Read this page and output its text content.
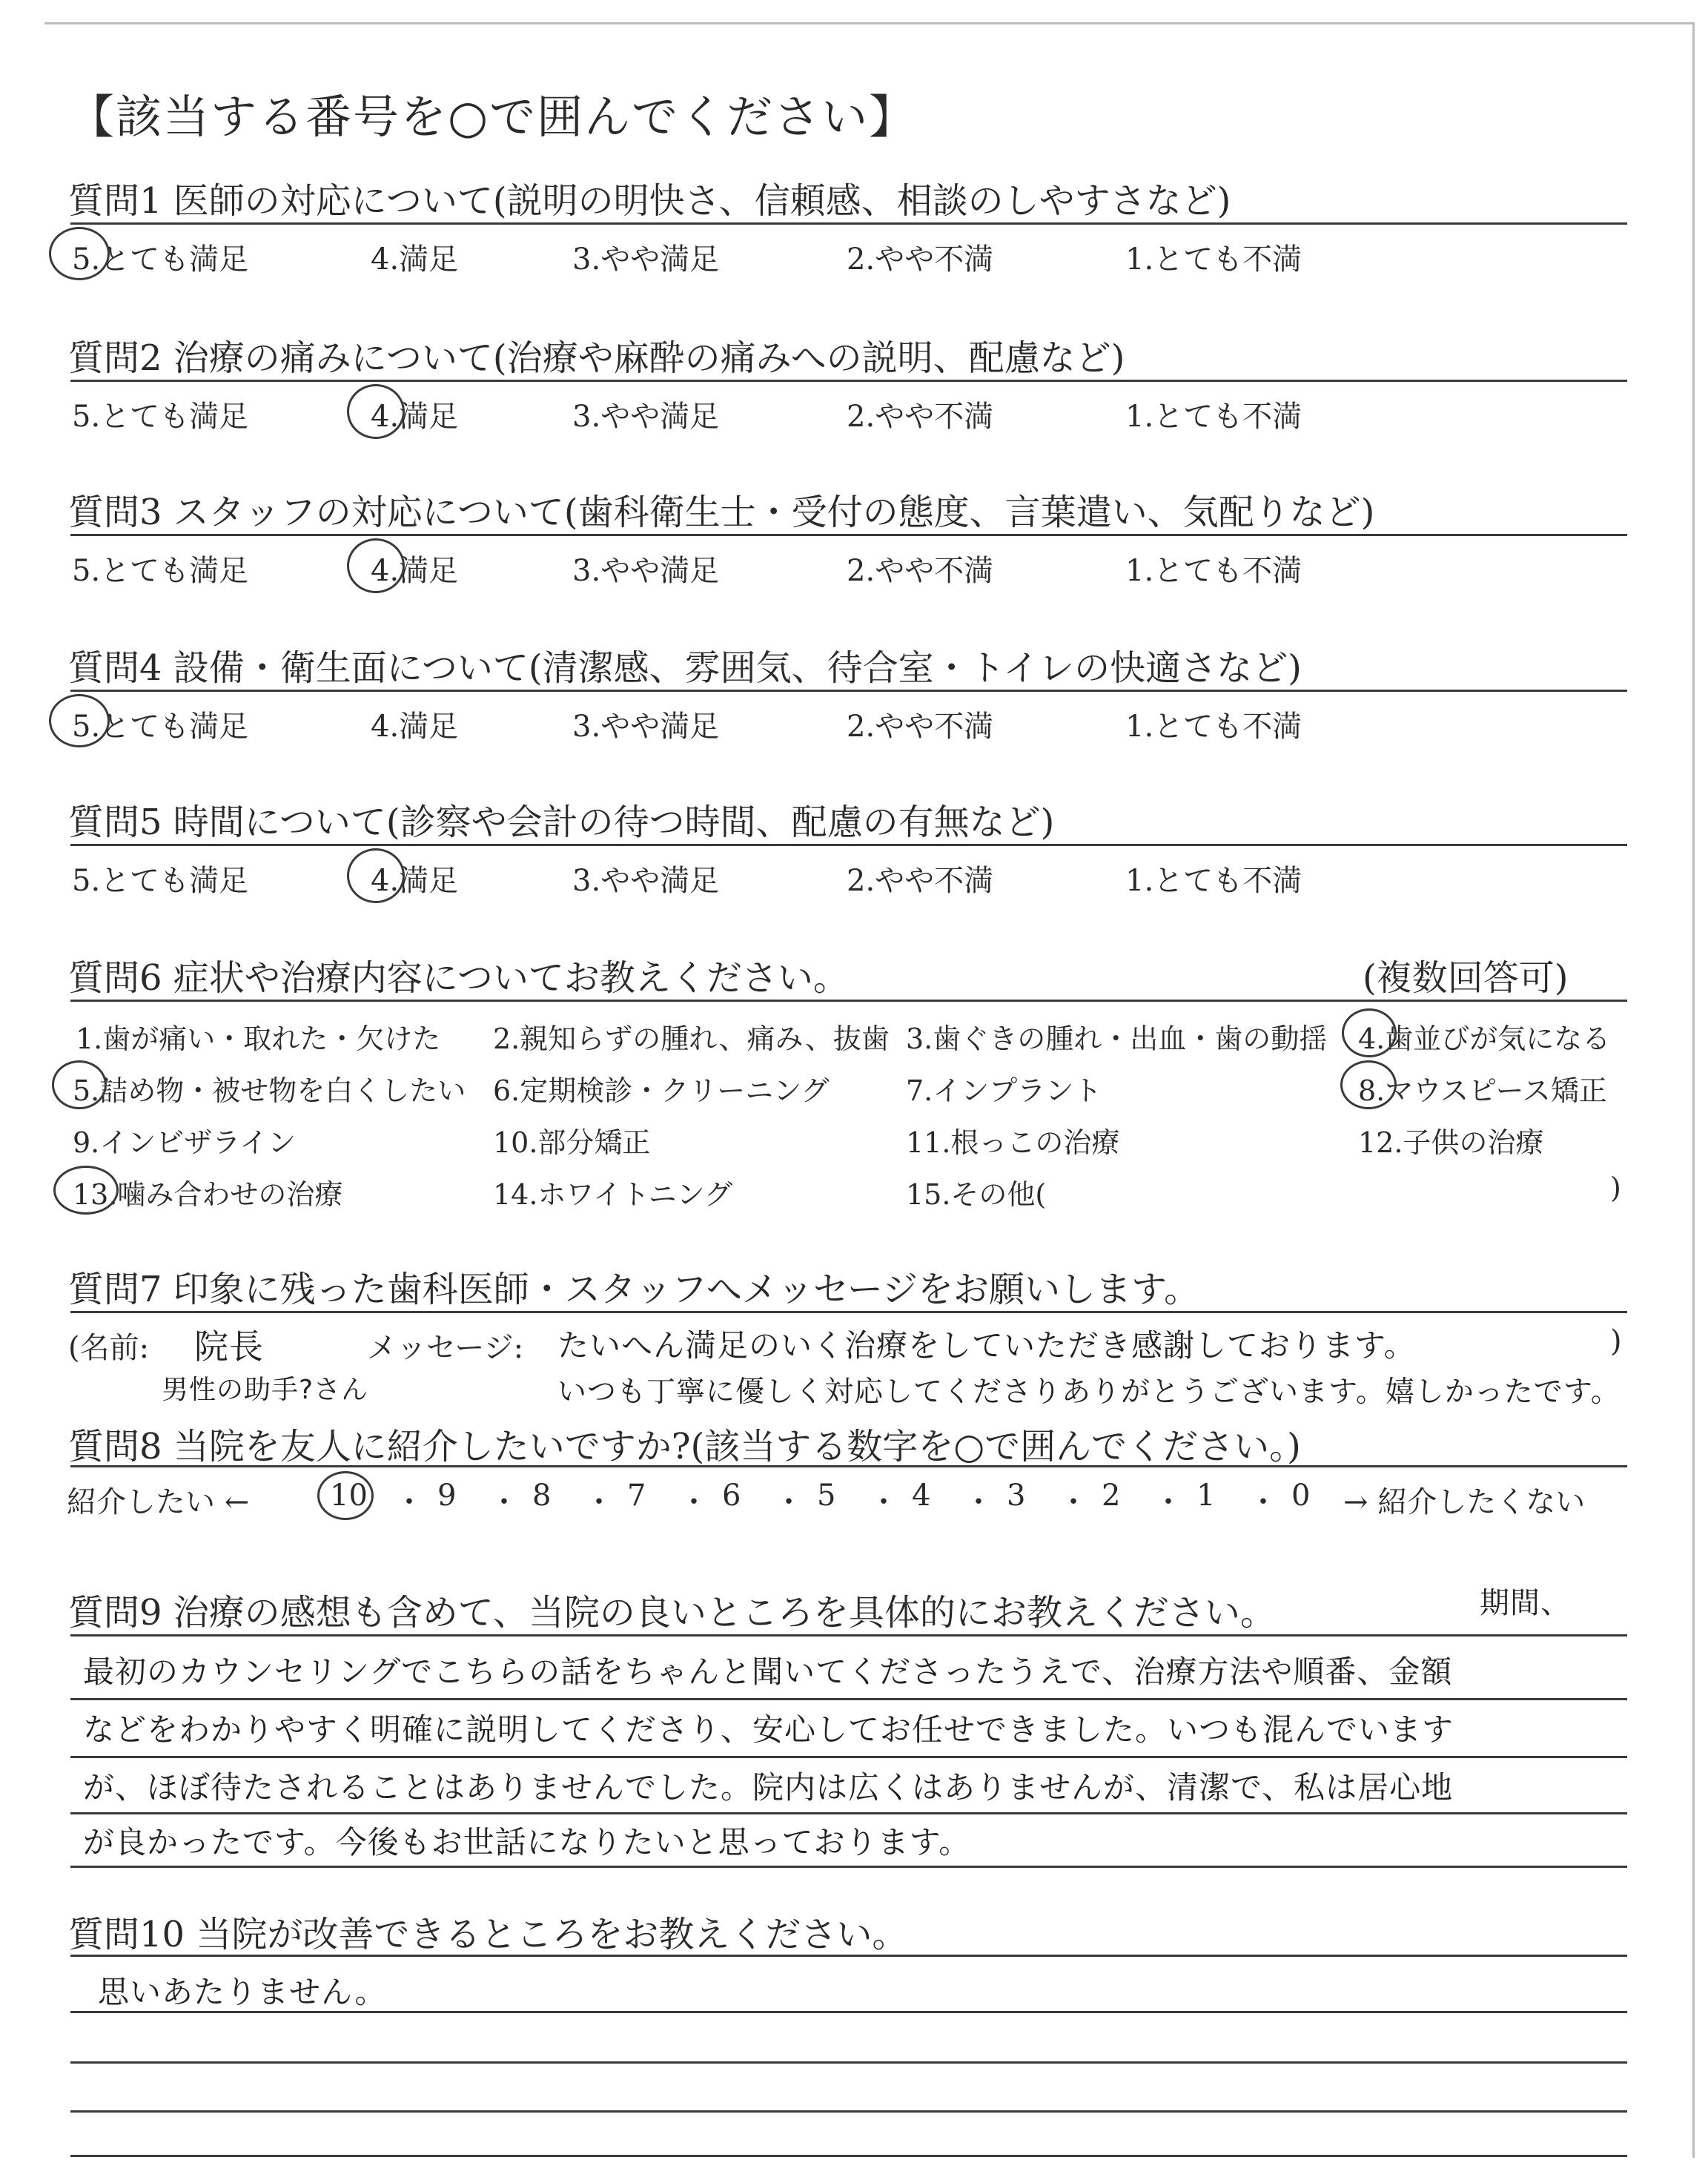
【該当する番号を○で囲んでください】
質問1 医師の対応について(説明の明快さ、信頼感、相談のしやすさなど)
5.とても満足	4.満足	3.やや満足	2.やや不満	1.とても不満
質問2 治療の痛みについて(治療や麻酔の痛みへの説明、配慮など)
5.とても満足	4.満足	3.やや満足	2.やや不満	1.とても不満
質問3 スタッフの対応について(歯科衛生士・受付の態度、言葉遣い、気配りなど)
5.とても満足	4.満足	3.やや満足	2.やや不満	1.とても不満
質問4 設備・衛生面について(清潔感、雰囲気、待合室・トイレの快適さなど)
5.とても満足	4.満足	3.やや満足	2.やや不満	1.とても不満
質問5 時間について(診察や会計の待つ時間、配慮の有無など)
5.とても満足	4.満足	3.やや満足	2.やや不満	1.とても不満
質問6 症状や治療内容についてお教えください。	(複数回答可)
1.歯が痛い・取れた・欠けた 2.親知らずの腫れ、痛み、抜歯 3.歯ぐきの腫れ・出血・歯の動揺 4.歯並びが気になる
5.詰め物・被せ物を白くしたい 6.定期検診・クリーニング	7.インプラント	8.マウスピース矯正
9.インビザライン	10.部分矯正	11.根っこの治療	12.子供の治療
13.噛み合わせの治療	14.ホワイトニング	15.その他(	)
質問7 印象に残った歯科医師・スタッフへメッセージをお願いします。
(名前:	メッセージ:	)
院長	たいへん満足のいく治療をしていただき感謝しております。
男性の助手?さん	いつも丁寧に優しく対応してくださりありがとうございます。嬉しかったです。
質問8 当院を友人に紹介したいですか?(該当する数字を○で囲んでください。)
紹介したい ←	10 ・ 9 ・ 8 ・ 7 ・ 6 ・ 5 ・ 4 ・ 3 ・ 2 ・ 1 ・ 0 → 紹介したくない
質問9 治療の感想も含めて、当院の良いところを具体的にお教えください。	期間、
最初のカウンセリングでこちらの話をちゃんと聞いてくださったうえで、治療方法や順番、金額
などをわかりやすく明確に説明してくださり、安心してお任せできました。いつも混んでいます
が、ほぼ待たされることはありませんでした。院内は広くはありませんが、清潔で、私は居心地
が良かったです。今後もお世話になりたいと思っております。
質問10 当院が改善できるところをお教えください。
思いあたりません。
